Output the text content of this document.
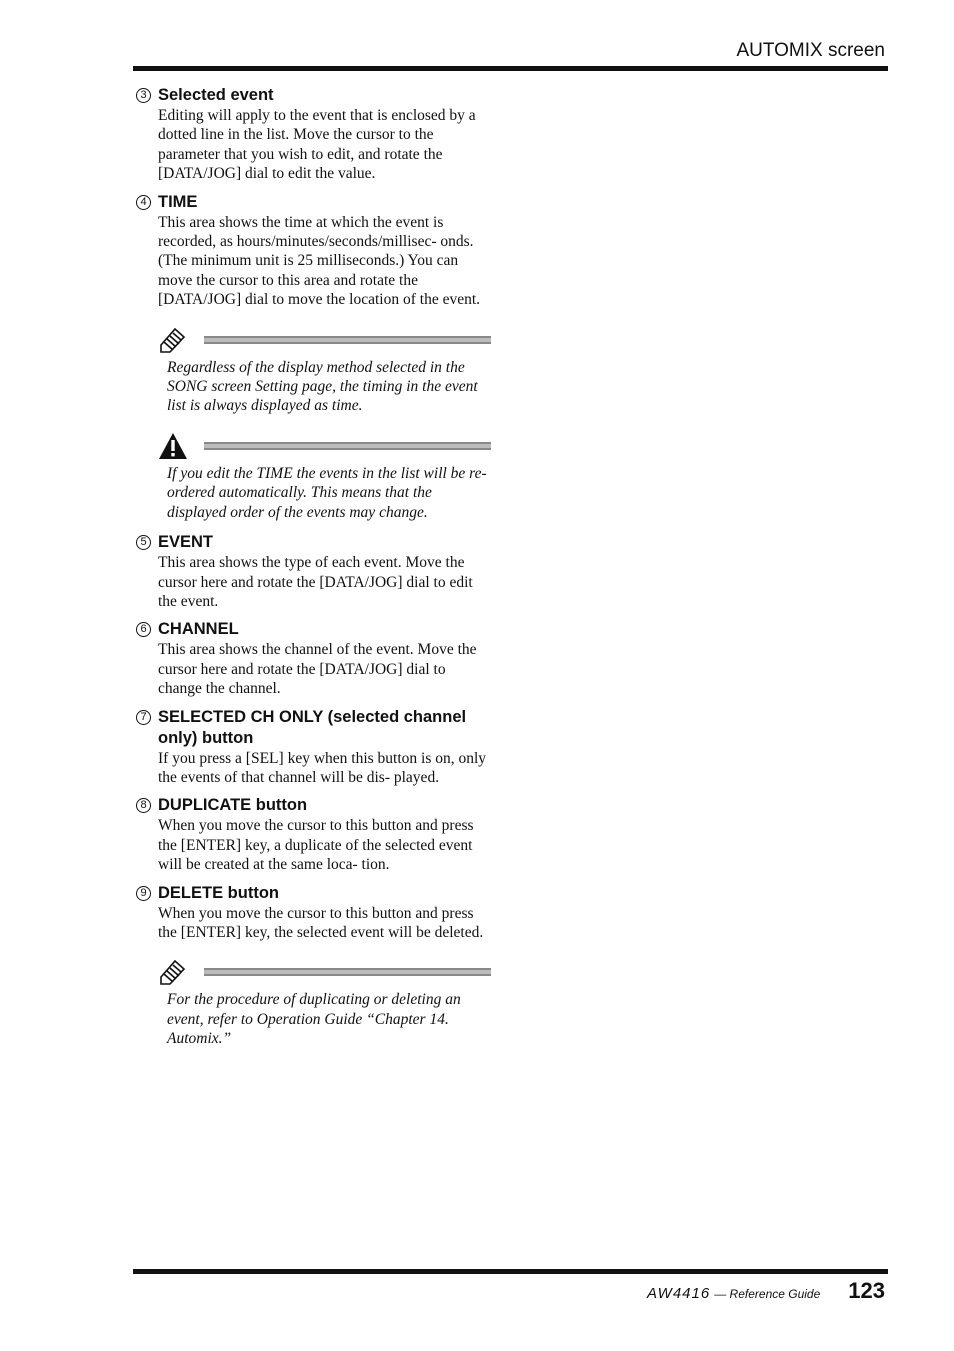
AUTOMIX screen
3 Selected event
Editing will apply to the event that is enclosed by a dotted line in the list. Move the cursor to the parameter that you wish to edit, and rotate the [DATA/JOG] dial to edit the value.
4 TIME
This area shows the time at which the event is recorded, as hours/minutes/seconds/millisec- onds. (The minimum unit is 25 milliseconds.) You can move the cursor to this area and rotate the [DATA/JOG] dial to move the location of the event.
Regardless of the display method selected in the SONG screen Setting page, the timing in the event list is always displayed as time.
If you edit the TIME the events in the list will be re-ordered automatically. This means that the displayed order of the events may change.
5 EVENT
This area shows the type of each event. Move the cursor here and rotate the [DATA/JOG] dial to edit the event.
6 CHANNEL
This area shows the channel of the event. Move the cursor here and rotate the [DATA/JOG] dial to change the channel.
7 SELECTED CH ONLY (selected channel only) button
If you press a [SEL] key when this button is on, only the events of that channel will be dis- played.
8 DUPLICATE button
When you move the cursor to this button and press the [ENTER] key, a duplicate of the selected event will be created at the same loca- tion.
9 DELETE button
When you move the cursor to this button and press the [ENTER] key, the selected event will be deleted.
For the procedure of duplicating or deleting an event, refer to Operation Guide “Chapter 14. Automix.”
AW4416 — Reference Guide 123
